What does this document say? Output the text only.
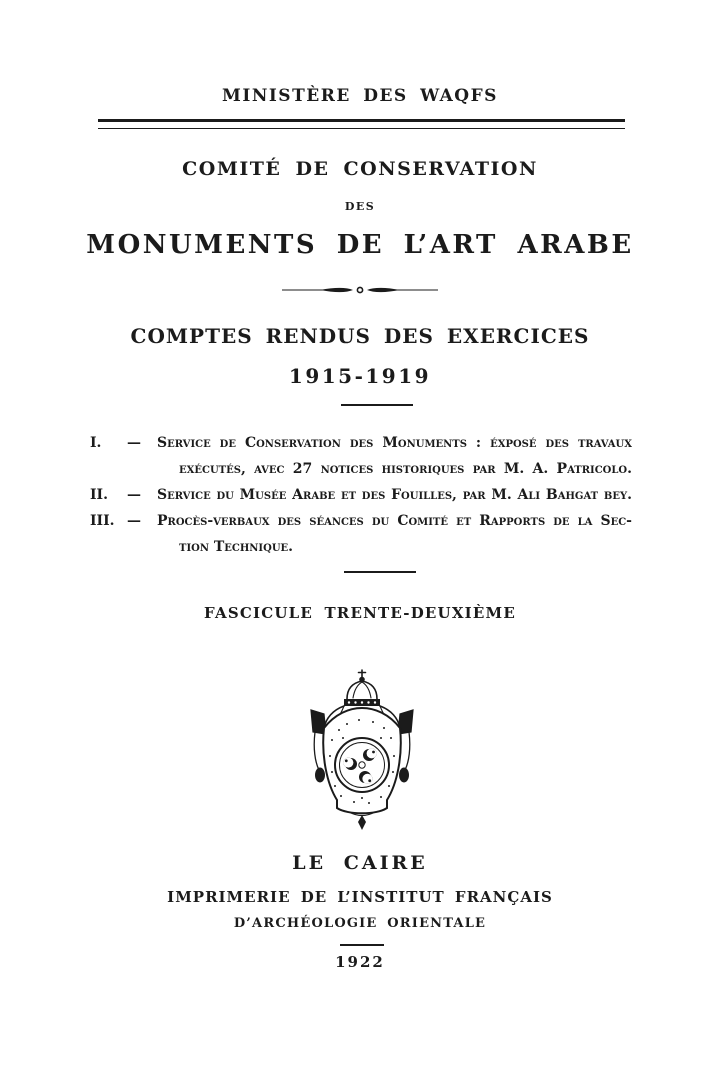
MINISTÈRE DES WAQFS
COMITÉ DE CONSERVATION
DES
MONUMENTS DE L’ART ARABE
COMPTES RENDUS DES EXERCICES
1915-1919
I.	—	Service de Conservation des Monuments : éxposé des travaux
exécutés, avec 27 notices historiques par M. A. Patricolo.
II.	—	Service du Musée Arabe et des Fouilles, par M. Ali Bahgat bey.
III. —	Procès-verbaux des séances du Comité et Rapports de la Sec-
tion Technique.
FASCICULE TRENTE-DEUXIÈME
LE CAIRE
IMPRIMERIE DE L’INSTITUT FRANÇAIS
D’ARCHÉOLOGIE ORIENTALE
1922
